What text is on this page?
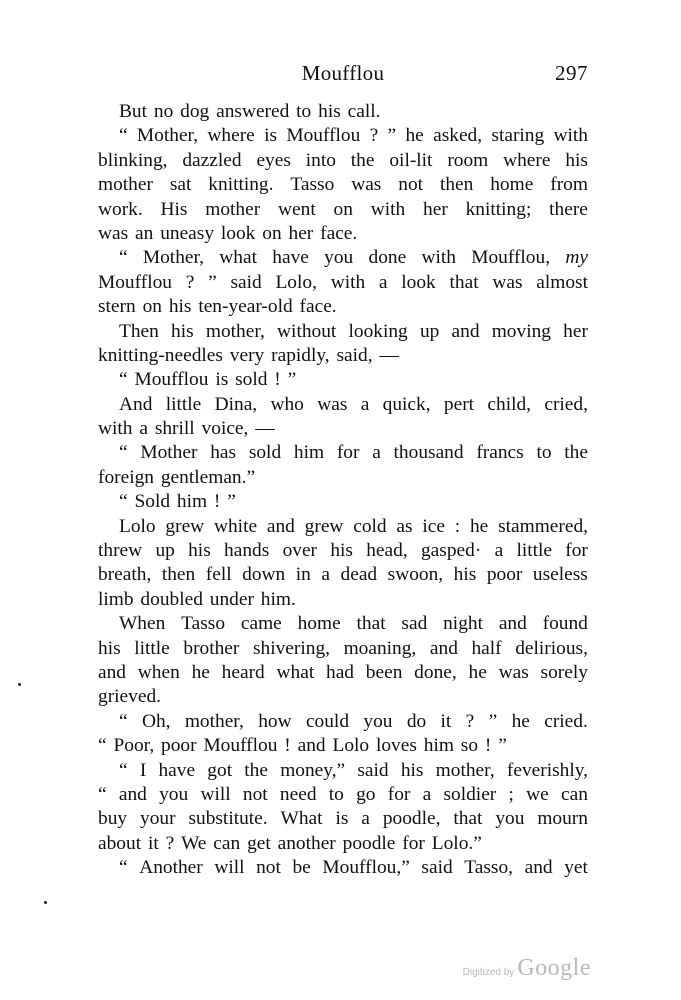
Moufflou	297
But
no
dog
answered
to
his
call.
“ Mother, where is Moufflou ? ” he asked, staring with
blinking, dazzled eyes into the oil-lit room where his
mother sat knitting. Tasso was not then home from
work. His mother went on with her knitting; there
was
an
uneasy
look
on
her
face.
“ Mother, what have you done with Moufflou, my
Moufflou ? ” said Lolo, with a look that was almost
stern
on
his
ten-year-old
face.
Then his mother, without looking up and moving her
knitting-needles
very
rapidly,
said,
—
“
Moufflou
is
sold
!
”
And little Dina, who was a quick, pert child, cried,
with
a
shrill
voice,
—
“ Mother has sold him for a thousand francs to the
foreign
gentleman.”
“
Sold
him
!
”
Lolo grew white and grew cold as ice : he stammered,
threw up his hands over his head, gasped· a little for
breath, then fell down in a dead swoon, his poor useless
limb
doubled
under
him.
When Tasso came home that sad night and found
his little brother shivering, moaning, and half delirious,
and when he heard what had been done, he was sorely
grieved.
“ Oh, mother, how could you do it ? ” he cried.
“
Poor,
poor
Moufflou
!
and
Lolo
loves
him
so
!
”
“ I have got the money,” said his mother, feverishly,
“ and you will not need to go for a soldier ; we can
buy your substitute. What is a poodle, that you mourn
about
it
?
We
can
get
another
poodle
for
Lolo.”
“ Another will not be Moufflou,” said Tasso, and yet
Digitized by Google
